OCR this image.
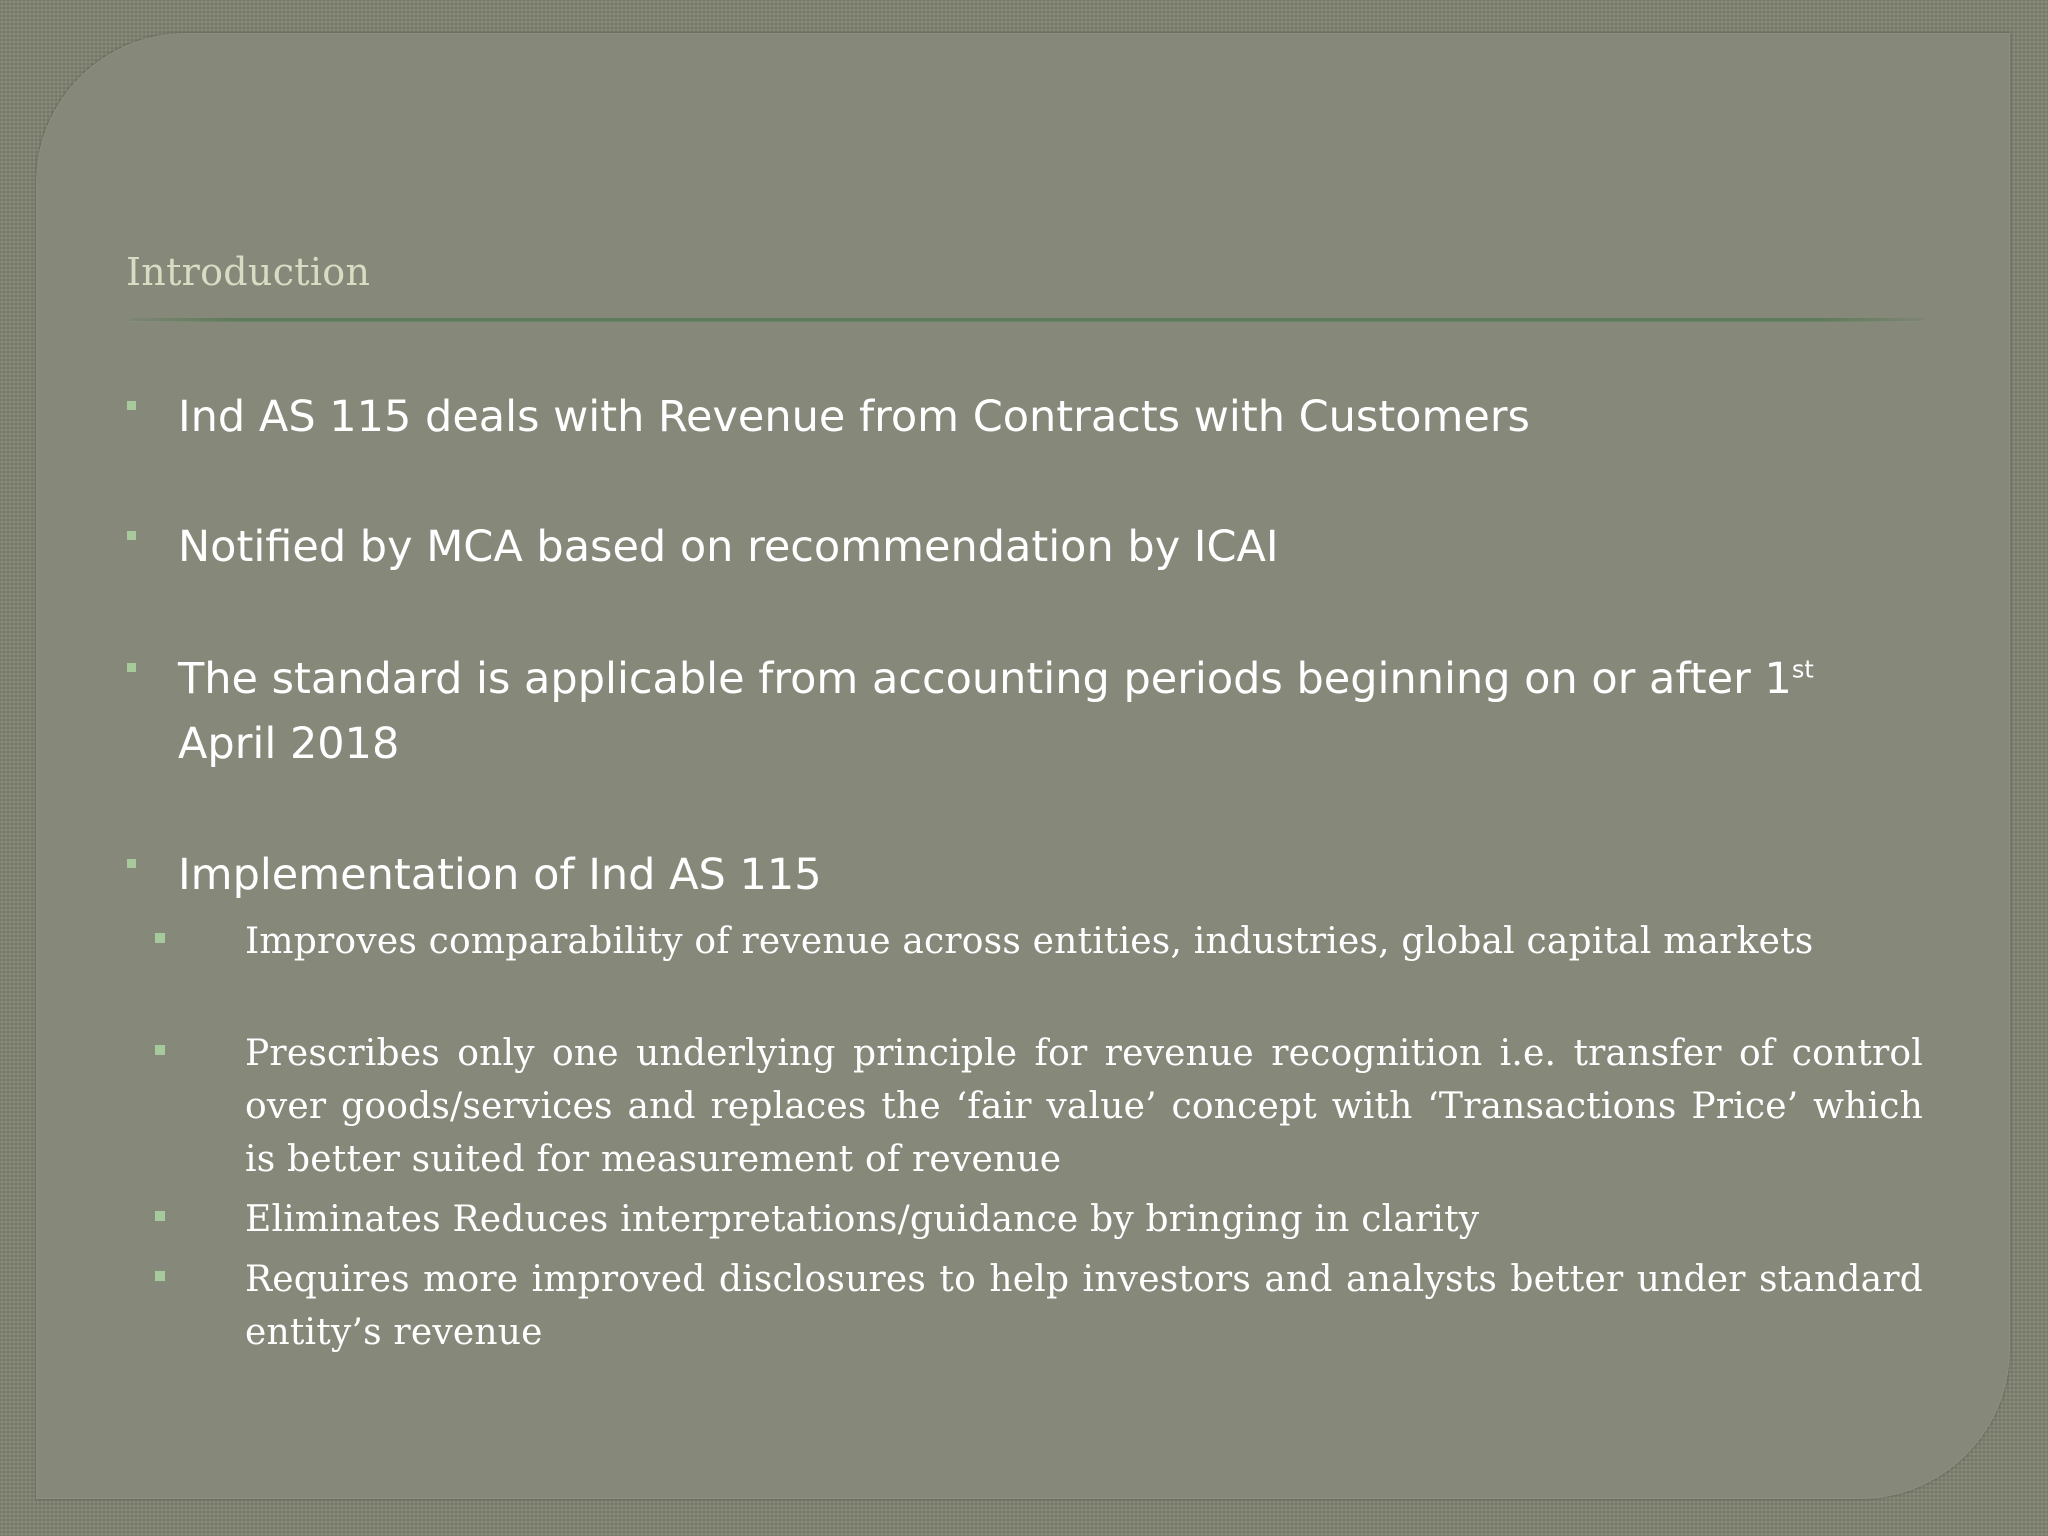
Introduction

Ind AS 115 deals with Revenue from Contracts with Customers

Notified by MCA based on recommendation by ICAI

The standard is applicable from accounting periods beginning on or after 1st
April 2018

Implementation of Ind AS 115

Improves comparability of revenue across entities, industries, global capital markets

Prescribes only one underlying principle for revenue recognition i.e. transfer of control over goods/services and replaces the ‘fair value’ concept with ‘Transactions Price’ which is better suited for measurement of revenue

Eliminates Reduces interpretations/guidance by bringing in clarity

Requires more improved disclosures to help investors and analysts better under standard entity’s revenue
